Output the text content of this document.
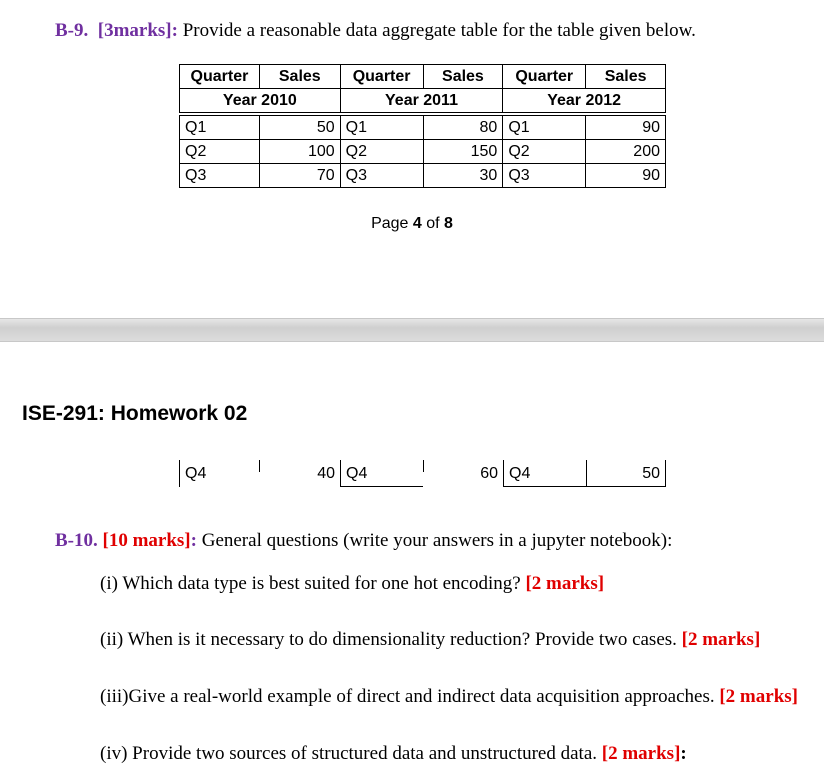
B-9. [3marks]: Provide a reasonable data aggregate table for the table given below.
Quarter	Sales	Quarter	Sales	Quarter	Sales
Year 2010		Year 2011		Year 2012	

Q1	50	Q1	80	Q1	90
Q2	100	Q2	150	Q2	200
Q3	70	Q3	30	Q3	90
Page 4 of 8
ISE-291: Homework 02
Q4	40 Q4	60 Q4	50
B-10. [10 marks]: General questions (write your answers in a jupyter notebook):
(i) Which data type is best suited for one hot encoding? [2 marks]
(ii) When is it necessary to do dimensionality reduction? Provide two cases. [2 marks]
(iii)Give a real-world example of direct and indirect data acquisition approaches. [2 marks]
(iv) Provide two sources of structured data and unstructured data. [2 marks]:
